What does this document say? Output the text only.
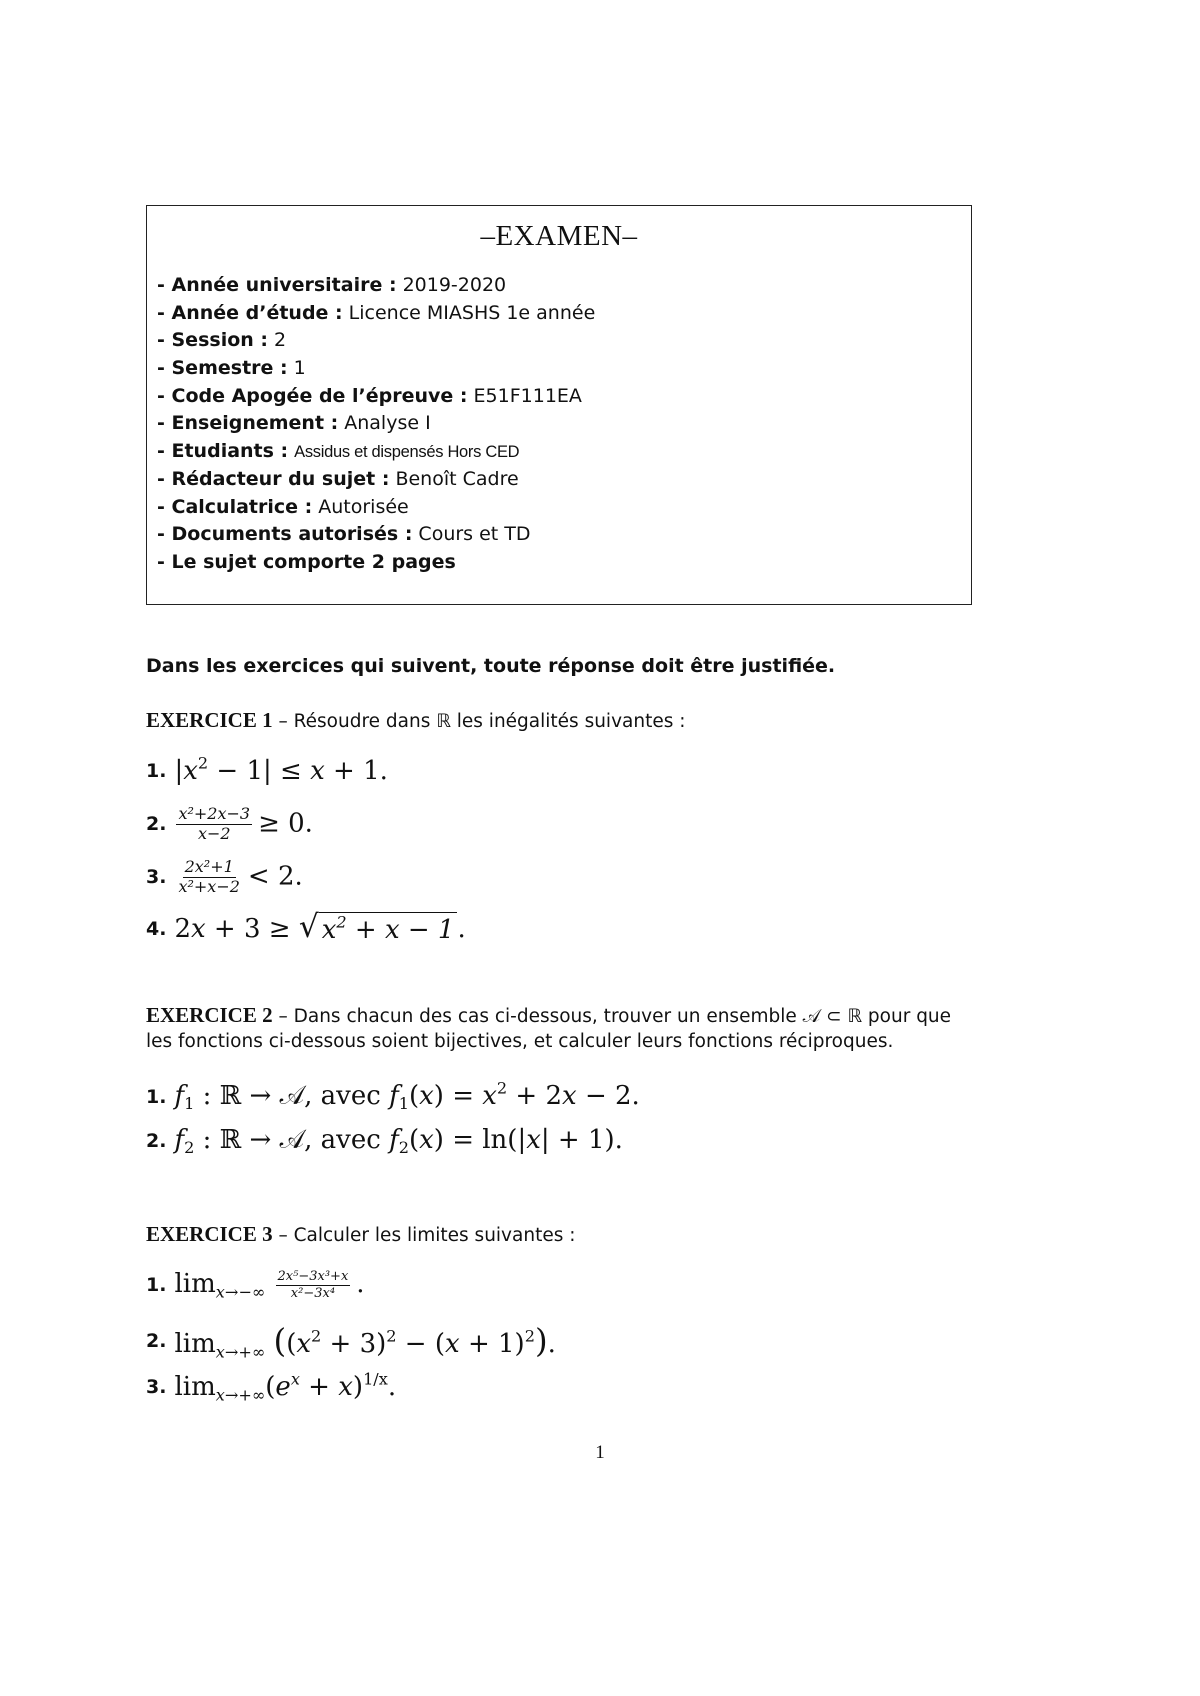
–EXAMEN–
- Année universitaire : 2019-2020
- Année d’étude : Licence MIASHS 1e année
- Session : 2
- Semestre : 1
- Code Apogée de l’épreuve : E51F111EA
- Enseignement : Analyse I
- Etudiants : Assidus et dispensés Hors CED
- Rédacteur du sujet : Benoît Cadre
- Calculatrice : Autorisée
- Documents autorisés : Cours et TD
- Le sujet comporte 2 pages
Dans les exercices qui suivent, toute réponse doit être justifiée.
EXERCICE 1 – Résoudre dans ℝ les inégalités suivantes :
1. $|x^2 - 1| \le x + 1$.
2. $\frac{\text{x²+2x−3}}{x-2} \ge 0$.
3. $\frac{\text{2x²+1}}{\text{x²+x−2}} < 2$.
4. 2x + 3 ≥ √ $x^2 + x - 1$ .
EXERCICE 2 – Dans chacun des cas ci-dessous, trouver un ensemble 𝒜 ⊂ ℝ pour que
les fonctions ci-dessous soient bijectives, et calculer leurs fonctions réciproques.
1. $f_1$ : ℝ → 𝒜, avec $f_1(x) = x^2 + 2x - 2$.
2. $f_2$ : ℝ → 𝒜, avec $f_2(x) = \ln(|x| + 1)$.
EXERCICE 3 – Calculer les limites suivantes :
1. $\lim_{x\to-\infty} \frac{\text{2x⁵−3x³+x}}{\text{x²−3x⁴}}$ .
2. $\lim_{x\to+\infty} ((x^2 + 3)^2 - (x + 1)^2)$.
3. $\lim_{x\to+\infty}(e^x + x)^{1/x}$.
1
